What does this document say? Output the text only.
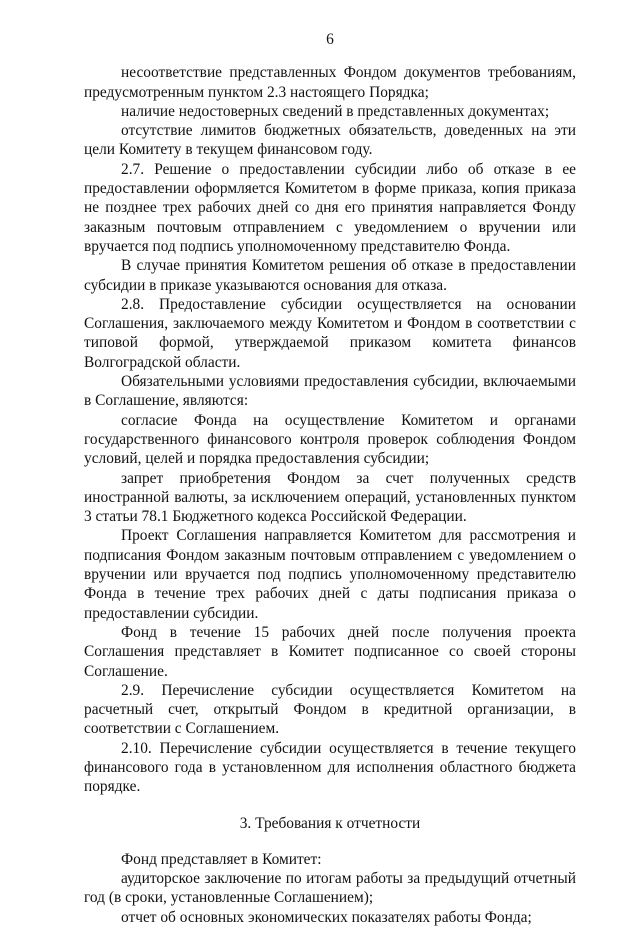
6

несоответствие представленных Фондом документов требованиям, предусмотренным пунктом 2.3 настоящего Порядка;

наличие недостоверных сведений в представленных документах;

отсутствие лимитов бюджетных обязательств, доведенных на эти цели Комитету в текущем финансовом году.

2.7. Решение о предоставлении субсидии либо об отказе в ее предоставлении оформляется Комитетом в форме приказа, копия приказа не позднее трех рабочих дней со дня его принятия направляется Фонду заказным почтовым отправлением с уведомлением о вручении или вручается под подпись уполномоченному представителю Фонда.

В случае принятия Комитетом решения об отказе в предоставлении субсидии в приказе указываются основания для отказа.

2.8. Предоставление субсидии осуществляется на основании Соглашения, заключаемого между Комитетом и Фондом в соответствии с типовой формой, утверждаемой приказом комитета финансов Волгоградской области.

Обязательными условиями предоставления субсидии, включаемыми в Соглашение, являются:

согласие Фонда на осуществление Комитетом и органами государственного финансового контроля проверок соблюдения Фондом условий, целей и порядка предоставления субсидии;

запрет приобретения Фондом за счет полученных средств иностранной валюты, за исключением операций, установленных пунктом 3 статьи 78.1 Бюджетного кодекса Российской Федерации.

Проект Соглашения направляется Комитетом для рассмотрения и подписания Фондом заказным почтовым отправлением с уведомлением о вручении или вручается под подпись уполномоченному представителю Фонда в течение трех рабочих дней с даты подписания приказа о предоставлении субсидии.

Фонд в течение 15 рабочих дней после получения проекта Соглашения представляет в Комитет подписанное со своей стороны Соглашение.

2.9. Перечисление субсидии осуществляется Комитетом на расчетный счет, открытый Фондом в кредитной организации, в соответствии с Соглашением.

2.10. Перечисление субсидии осуществляется в течение текущего финансового года в установленном для исполнения областного бюджета порядке.

3. Требования к отчетности

Фонд представляет в Комитет:

аудиторское заключение по итогам работы за предыдущий отчетный год (в сроки, установленные Соглашением);

отчет об основных экономических показателях работы Фонда;
